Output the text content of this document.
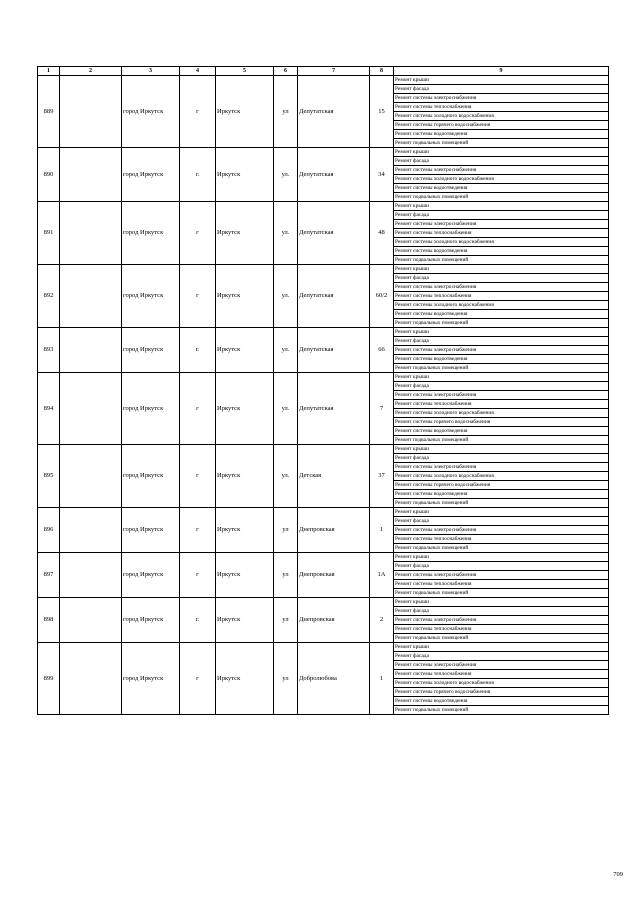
1	2	3	4	5	6	7	8	9
889		город Иркутск	г	Иркутск	ул	Депутатская	15	Ремонт крыши
								Ремонт фасада
								Ремонт системы электроснабжения
								Ремонт системы теплоснабжения
								Ремонт системы холодного водоснабжения
								Ремонт системы горячего водоснабжения
								Ремонт системы водоотведения
								Ремонт подвальных помещений
890		город Иркутск	г.	Иркутск	ул.	Депутатская	34	Ремонт крыши
								Ремонт фасада
								Ремонт системы электроснабжения
								Ремонт системы холодного водоснабжения
								Ремонт системы водоотведения
								Ремонт подвальных помещений
891		город Иркутск	г	Иркутск	ул.	Депутатская	48	Ремонт крыши
								Ремонт фасада
								Ремонт системы электроснабжения
								Ремонт системы теплоснабжения
								Ремонт системы холодного водоснабжения
								Ремонт системы водоотведения
								Ремонт подвальных помещений
892		город Иркутск	г	Иркутск	ул.	Депутатская	60/2	Ремонт крыши
								Ремонт фасада
								Ремонт системы электроснабжения
								Ремонт системы теплоснабжения
								Ремонт системы холодного водоснабжения
								Ремонт системы водоотведения
								Ремонт подвальных помещений
893		город Иркутск	г.	Иркутск	ул.	Депутатская	66	Ремонт крыши
								Ремонт фасада
								Ремонт системы электроснабжения
								Ремонт системы водоотведения
								Ремонт подвальных помещений
894		город Иркутск	г	Иркутск	ул.	Депутатская	7	Ремонт крыши
								Ремонт фасада
								Ремонт системы электроснабжения
								Ремонт системы теплоснабжения
								Ремонт системы холодного водоснабжения
								Ремонт системы горячего водоснабжения
								Ремонт системы водоотведения
								Ремонт подвальных помещений
895		город Иркутск	г	Иркутск	ул.	Детская	37	Ремонт крыши
								Ремонт фасада
								Ремонт системы электроснабжения
								Ремонт системы холодного водоснабжения
								Ремонт системы горячего водоснабжения
								Ремонт системы водоотведения
								Ремонт подвальных помещений
896		город Иркутск	г	Иркутск	ул	Днепровская	1	Ремонт крыши
								Ремонт фасада
								Ремонт системы электроснабжения
								Ремонт системы теплоснабжения
								Ремонт подвальных помещений
897		город Иркутск	г	Иркутск	ул	Днепровская	1А	Ремонт крыши
								Ремонт фасада
								Ремонт системы электроснабжения
								Ремонт системы теплоснабжения
								Ремонт подвальных помещений
898		город Иркутск	г.	Иркутск	ул	Днепровская	2	Ремонт крыши
								Ремонт фасада
								Ремонт системы электроснабжения
								Ремонт системы теплоснабжения
								Ремонт подвальных помещений
899		город Иркутск	г	Иркутск	ул	Добролюбова	1	Ремонт крыши
								Ремонт фасада
								Ремонт системы электроснабжения
								Ремонт системы теплоснабжения
								Ремонт системы холодного водоснабжения
								Ремонт системы горячего водоснабжения
								Ремонт системы водоотведения
								Ремонт подвальных помещений
709
